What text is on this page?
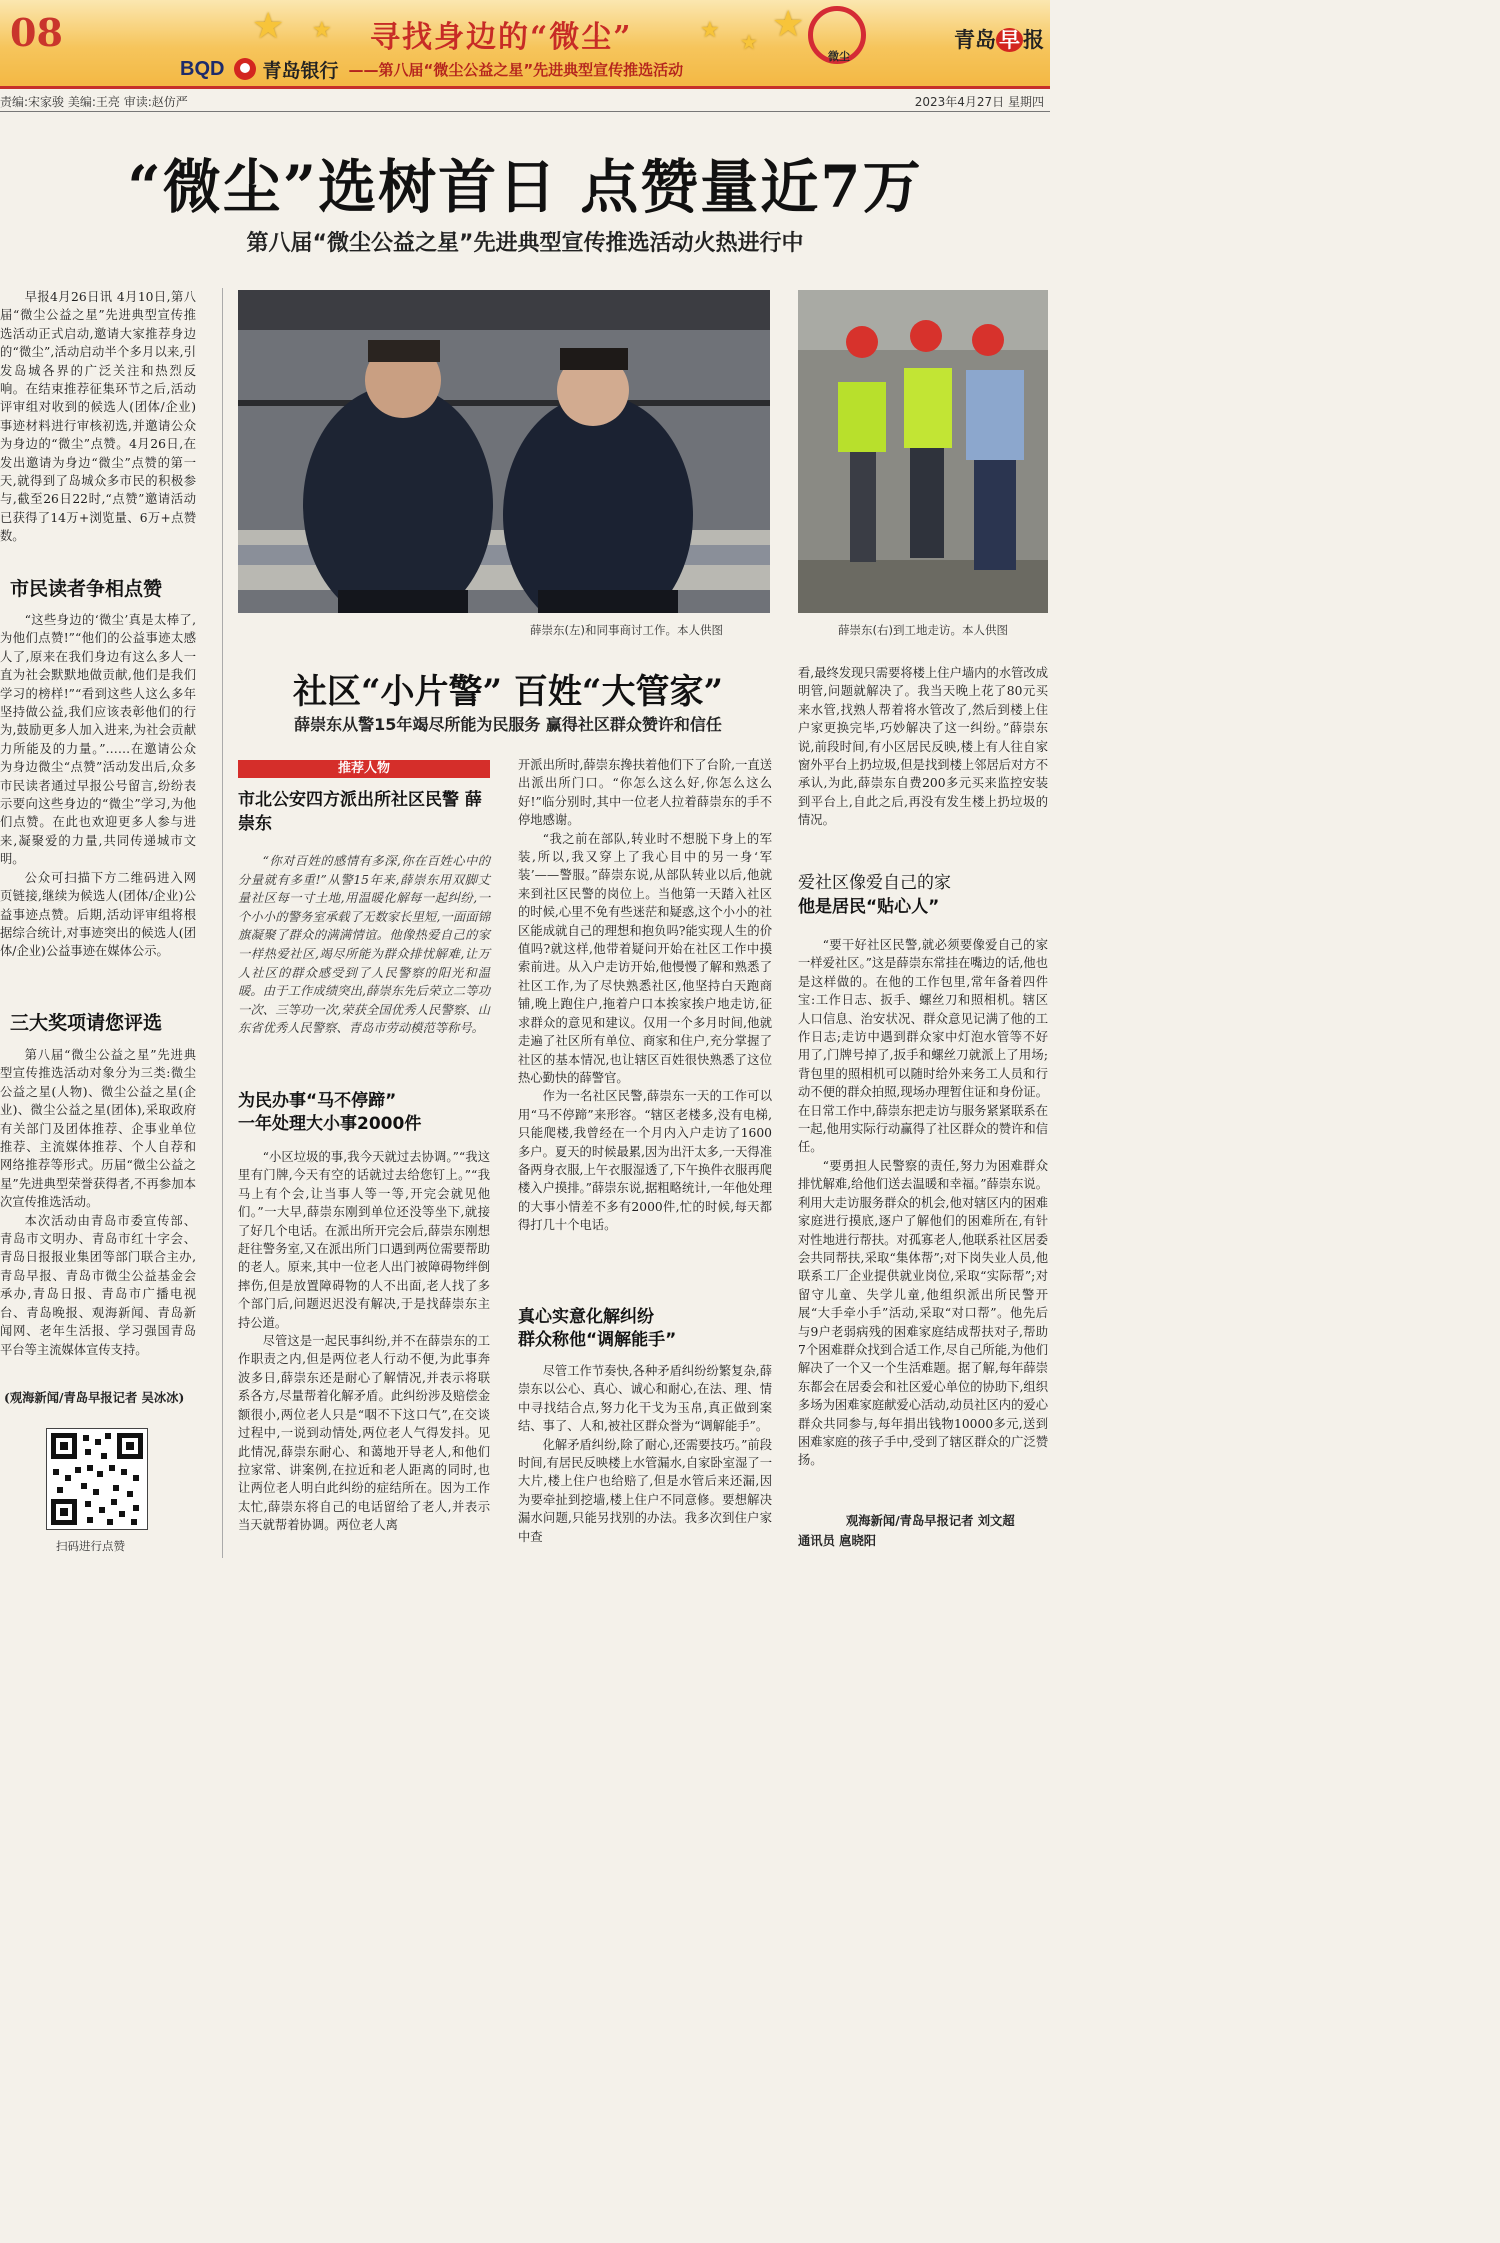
08	★ ★	★ ★ ★
寻找身边的“微尘”
BQD 青岛银行 ——第八届“微尘公益之星”先进典型宣传推选活动
微尘
青岛 早 报
责编:宋家骏 美编:王亮 审读:赵仿严	2023年4月27日 星期四
“微尘”选树首日 点赞量近7万
第八届“微尘公益之星”先进典型宣传推选活动火热进行中

早报4月26日讯 4月10日,第八届“微尘公益之星”先进典型宣传推选活动正式启动,邀请大家推荐身边的“微尘”,活动启动半个多月以来,引发岛城各界的广泛关注和热烈反响。在结束推荐征集环节之后,活动评审组对收到的候选人(团体/企业)事迹材料进行审核初选,并邀请公众为身边的“微尘”点赞。4月26日,在发出邀请为身边“微尘”点赞的第一天,就得到了岛城众多市民的积极参与,截至26日22时,“点赞”邀请活动已获得了14万+浏览量、6万+点赞数。

市民读者争相点赞

“这些身边的‘微尘’真是太棒了,为他们点赞!”“他们的公益事迹太感人了,原来在我们身边有这么多人一直为社会默默地做贡献,他们是我们学习的榜样!”“看到这些人这么多年坚持做公益,我们应该表彰他们的行为,鼓励更多人加入进来,为社会贡献力所能及的力量。”……在邀请公众为身边微尘“点赞”活动发出后,众多市民读者通过早报公号留言,纷纷表示要向这些身边的“微尘”学习,为他们点赞。在此也欢迎更多人参与进来,凝聚爱的力量,共同传递城市文明。

公众可扫描下方二维码进入网页链接,继续为候选人(团体/企业)公益事迹点赞。后期,活动评审组将根据综合统计,对事迹突出的候选人(团体/企业)公益事迹在媒体公示。

三大奖项请您评选

第八届“微尘公益之星”先进典型宣传推选活动对象分为三类:微尘公益之星(人物)、微尘公益之星(企业)、微尘公益之星(团体),采取政府有关部门及团体推荐、企事业单位推荐、主流媒体推荐、个人自荐和网络推荐等形式。历届“微尘公益之星”先进典型荣誉获得者,不再参加本次宣传推选活动。

本次活动由青岛市委宣传部、青岛市文明办、青岛市红十字会、青岛日报报业集团等部门联合主办,青岛早报、青岛市微尘公益基金会承办,青岛日报、青岛市广播电视台、青岛晚报、观海新闻、青岛新闻网、老年生活报、学习强国青岛平台等主流媒体宣传支持。

(观海新闻/青岛早报记者 吴冰冰)
扫码进行点赞
薛崇东(左)和同事商讨工作。本人供图	薛崇东(右)到工地走访。本人供图
社区“小片警” 百姓“大管家”
薛崇东从警15年竭尽所能为民服务 赢得社区群众赞许和信任
推荐人物
市北公安四方派出所社区民警 薛崇东

“你对百姓的感情有多深,你在百姓心中的分量就有多重!”从警15年来,薛崇东用双脚丈量社区每一寸土地,用温暖化解每一起纠纷,一个小小的警务室承载了无数家长里短,一面面锦旗凝聚了群众的满满情谊。他像热爱自己的家一样热爱社区,竭尽所能为群众排忧解难,让万人社区的群众感受到了人民警察的阳光和温暖。由于工作成绩突出,薛崇东先后荣立二等功一次、三等功一次,荣获全国优秀人民警察、山东省优秀人民警察、青岛市劳动模范等称号。

为民办事“马不停蹄”
一年处理大小事2000件

“小区垃圾的事,我今天就过去协调。”“我这里有门牌,今天有空的话就过去给您钉上。”“我马上有个会,让当事人等一等,开完会就见他们。”一大早,薛崇东刚到单位还没等坐下,就接了好几个电话。在派出所开完会后,薛崇东刚想赶往警务室,又在派出所门口遇到两位需要帮助的老人。原来,其中一位老人出门被障碍物绊倒摔伤,但是放置障碍物的人不出面,老人找了多个部门后,问题迟迟没有解决,于是找薛崇东主持公道。

尽管这是一起民事纠纷,并不在薛崇东的工作职责之内,但是两位老人行动不便,为此事奔波多日,薛崇东还是耐心了解情况,并表示将联系各方,尽量帮着化解矛盾。此纠纷涉及赔偿金额很小,两位老人只是“咽不下这口气”,在交谈过程中,一说到动情处,两位老人气得发抖。见此情况,薛崇东耐心、和蔼地开导老人,和他们拉家常、讲案例,在拉近和老人距离的同时,也让两位老人明白此纠纷的症结所在。因为工作太忙,薛崇东将自己的电话留给了老人,并表示当天就帮着协调。两位老人离

开派出所时,薛崇东搀扶着他们下了台阶,一直送出派出所门口。“你怎么这么好,你怎么这么好!”临分别时,其中一位老人拉着薛崇东的手不停地感谢。

“我之前在部队,转业时不想脱下身上的军装,所以,我又穿上了我心目中的另一身‘军装’——警服。”薛崇东说,从部队转业以后,他就来到社区民警的岗位上。当他第一天踏入社区的时候,心里不免有些迷茫和疑惑,这个小小的社区能成就自己的理想和抱负吗?能实现人生的价值吗?就这样,他带着疑问开始在社区工作中摸索前进。从入户走访开始,他慢慢了解和熟悉了社区工作,为了尽快熟悉社区,他坚持白天跑商铺,晚上跑住户,拖着户口本挨家挨户地走访,征求群众的意见和建议。仅用一个多月时间,他就走遍了社区所有单位、商家和住户,充分掌握了社区的基本情况,也让辖区百姓很快熟悉了这位热心勤快的薛警官。

作为一名社区民警,薛崇东一天的工作可以用“马不停蹄”来形容。“辖区老楼多,没有电梯,只能爬楼,我曾经在一个月内入户走访了1600多户。夏天的时候最累,因为出汗太多,一天得准备两身衣服,上午衣服湿透了,下午换件衣服再爬楼入户摸排。”薛崇东说,据粗略统计,一年他处理的大事小情差不多有2000件,忙的时候,每天都得打几十个电话。

真心实意化解纠纷
群众称他“调解能手”

尽管工作节奏快,各种矛盾纠纷纷繁复杂,薛崇东以公心、真心、诚心和耐心,在法、理、情中寻找结合点,努力化干戈为玉帛,真正做到案结、事了、人和,被社区群众誉为“调解能手”。

化解矛盾纠纷,除了耐心,还需要技巧。”前段时间,有居民反映楼上水管漏水,自家卧室湿了一大片,楼上住户也给赔了,但是水管后来还漏,因为要牵扯到挖墙,楼上住户不同意修。要想解决漏水问题,只能另找别的办法。我多次到住户家中查

看,最终发现只需要将楼上住户墙内的水管改成明管,问题就解决了。我当天晚上花了80元买来水管,找熟人帮着将水管改了,然后到楼上住户家更换完毕,巧妙解决了这一纠纷。”薛崇东说,前段时间,有小区居民反映,楼上有人往自家窗外平台上扔垃圾,但是找到楼上邻居后对方不承认,为此,薛崇东自费200多元买来监控安装到平台上,自此之后,再没有发生楼上扔垃圾的情况。

爱社区像爱自己的家
他是居民“贴心人”

“要干好社区民警,就必须要像爱自己的家一样爱社区。”这是薛崇东常挂在嘴边的话,他也是这样做的。在他的工作包里,常年备着四件宝:工作日志、扳手、螺丝刀和照相机。辖区人口信息、治安状况、群众意见记满了他的工作日志;走访中遇到群众家中灯泡水管等不好用了,门牌号掉了,扳手和螺丝刀就派上了用场;背包里的照相机可以随时给外来务工人员和行动不便的群众拍照,现场办理暂住证和身份证。在日常工作中,薛崇东把走访与服务紧紧联系在一起,他用实际行动赢得了社区群众的赞许和信任。

“要勇担人民警察的责任,努力为困难群众排忧解难,给他们送去温暖和幸福。”薛崇东说。利用大走访服务群众的机会,他对辖区内的困难家庭进行摸底,逐户了解他们的困难所在,有针对性地进行帮扶。对孤寡老人,他联系社区居委会共同帮扶,采取“集体帮”;对下岗失业人员,他联系工厂企业提供就业岗位,采取“实际帮”;对留守儿童、失学儿童,他组织派出所民警开展“大手牵小手”活动,采取“对口帮”。他先后与9户老弱病残的困难家庭结成帮扶对子,帮助7个困难群众找到合适工作,尽自己所能,为他们解决了一个又一个生活难题。据了解,每年薛崇东都会在居委会和社区爱心单位的协助下,组织多场为困难家庭献爱心活动,动员社区内的爱心群众共同参与,每年捐出钱物10000多元,送到困难家庭的孩子手中,受到了辖区群众的广泛赞扬。

观海新闻/青岛早报记者 刘文超
通讯员 扈晓阳
